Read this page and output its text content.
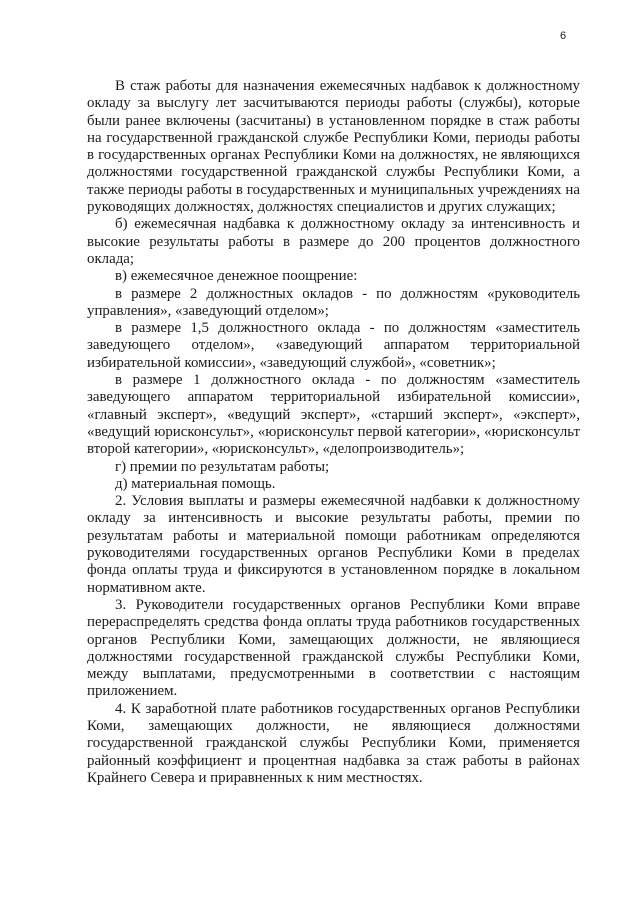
6

В стаж работы для назначения ежемесячных надбавок к должностному окладу за выслугу лет засчитываются периоды работы (службы), которые были ранее включены (засчитаны) в установленном порядке в стаж работы на государственной гражданской службе Республики Коми, периоды работы в государственных органах Республики Коми на должностях, не являющихся должностями государственной гражданской службы Республики Коми, а также периоды работы в государственных и муниципальных учреждениях на руководящих должностях, должностях специалистов и других служащих;

б) ежемесячная надбавка к должностному окладу за интенсивность и высокие результаты работы в размере до 200 процентов должностного оклада;

в) ежемесячное денежное поощрение:

в размере 2 должностных окладов - по должностям «руководитель управления», «заведующий отделом»;

в размере 1,5 должностного оклада - по должностям «заместитель заведующего отделом», «заведующий аппаратом территориальной избирательной комиссии», «заведующий службой», «советник»;

в размере 1 должностного оклада - по должностям «заместитель заведующего аппаратом территориальной избирательной комиссии», «главный эксперт», «ведущий эксперт», «старший эксперт», «эксперт», «ведущий юрисконсульт», «юрисконсульт первой категории», «юрисконсульт второй категории», «юрисконсульт», «делопроизводитель»;

г) премии по результатам работы;

д) материальная помощь.

2. Условия выплаты и размеры ежемесячной надбавки к должностному окладу за интенсивность и высокие результаты работы, премии по результатам работы и материальной помощи работникам определяются руководителями государственных органов Республики Коми в пределах фонда оплаты труда и фиксируются в установленном порядке в локальном нормативном акте.

3. Руководители государственных органов Республики Коми вправе перераспределять средства фонда оплаты труда работников государственных органов Республики Коми, замещающих должности, не являющиеся должностями государственной гражданской службы Республики Коми, между выплатами, предусмотренными в соответствии с настоящим приложением.

4. К заработной плате работников государственных органов Республики Коми, замещающих должности, не являющиеся должностями государственной гражданской службы Республики Коми, применяется районный коэффициент и процентная надбавка за стаж работы в районах Крайнего Севера и приравненных к ним местностях.
